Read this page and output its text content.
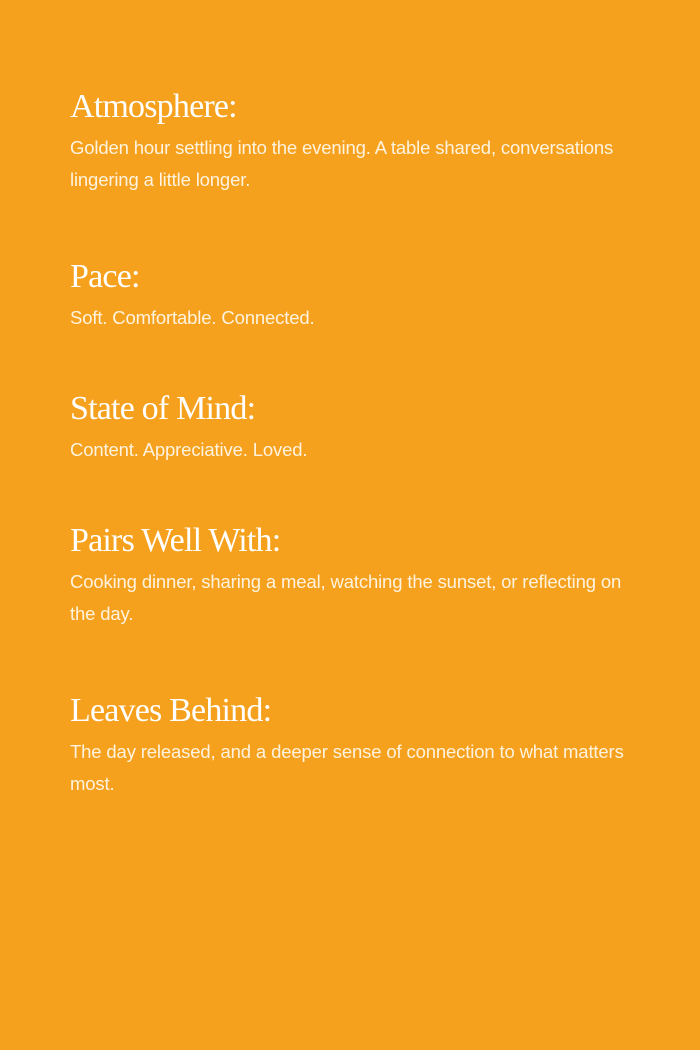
Atmosphere:

Golden hour settling into the evening. A table shared, conversations lingering a little longer.

Pace:

Soft. Comfortable. Connected.

State of Mind:

Content. Appreciative. Loved.

Pairs Well With:

Cooking dinner, sharing a meal, watching the sunset, or reflecting on the day.

Leaves Behind:

The day released, and a deeper sense of connection to what matters most.
